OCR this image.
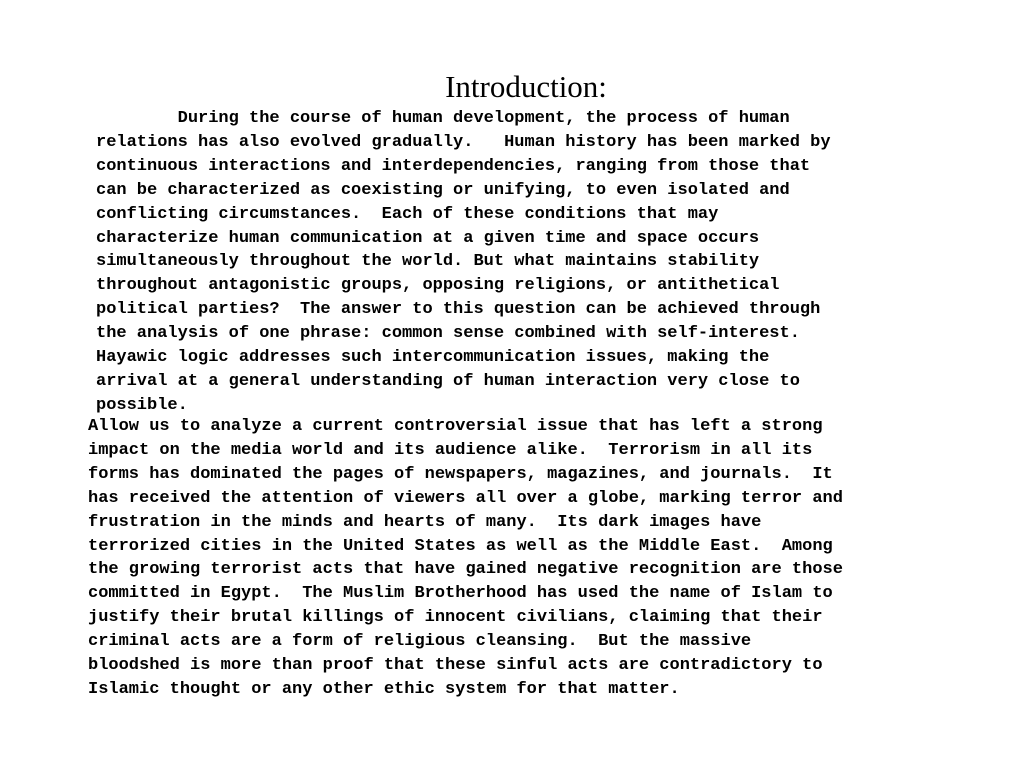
Introduction:

During the course of human development, the process of human
relations has also evolved gradually.   Human history has been marked by
continuous interactions and interdependencies, ranging from those that
can be characterized as coexisting or unifying, to even isolated and
conflicting circumstances.  Each of these conditions that may
characterize human communication at a given time and space occurs
simultaneously throughout the world. But what maintains stability
throughout antagonistic groups, opposing religions, or antithetical
political parties?  The answer to this question can be achieved through
the analysis of one phrase: common sense combined with self-interest.
Hayawic logic addresses such intercommunication issues, making the
arrival at a general understanding of human interaction very close to
possible.

Allow us to analyze a current controversial issue that has left a strong
impact on the media world and its audience alike.  Terrorism in all its
forms has dominated the pages of newspapers, magazines, and journals.  It
has received the attention of viewers all over a globe, marking terror and
frustration in the minds and hearts of many.  Its dark images have
terrorized cities in the United States as well as the Middle East.  Among
the growing terrorist acts that have gained negative recognition are those
committed in Egypt.  The Muslim Brotherhood has used the name of Islam to
justify their brutal killings of innocent civilians, claiming that their
criminal acts are a form of religious cleansing.  But the massive
bloodshed is more than proof that these sinful acts are contradictory to
Islamic thought or any other ethic system for that matter.
